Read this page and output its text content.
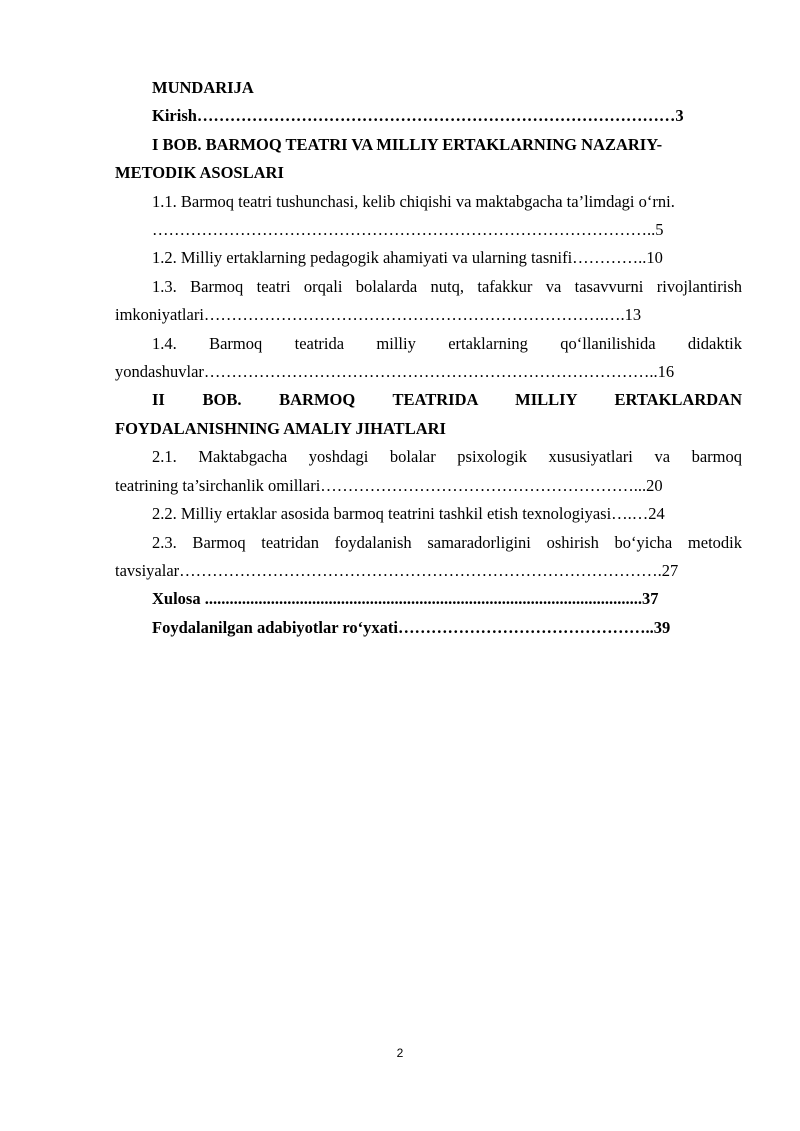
MUNDARIJA
Kirish……………………………………………………………………………3
I BOB. BARMOQ TEATRI VA MILLIY ERTAKLARNING NAZARIY-
METODIK ASOSLARI
1.1. Barmoq teatri tushunchasi, kelib chiqishi va maktabgacha ta’limdagi o‘rni.
………………………………………………………………………………..5
1.2. Milliy ertaklarning pedagogik ahamiyati va ularning tasnifi…………..10
1.3. Barmoq teatri orqali bolalarda nutq, tafakkur va tasavvurni rivojlantirish
imkoniyatlari……………………………………………………………….….13
1.4. Barmoq teatrida milliy ertaklarning qo‘llanilishida didaktik
yondashuvlar………………………………………………………………………..16
II BOB. BARMOQ TEATRIDA MILLIY ERTAKLARDAN
FOYDALANISHNING AMALIY JIHATLARI
2.1. Maktabgacha yoshdagi bolalar psixologik xususiyatlari va barmoq
teatrining ta’sirchanlik omillari…………………………………………………...20
2.2. Milliy ertaklar asosida barmoq teatrini tashkil etish texnologiyasi….…24
2.3. Barmoq teatridan foydalanish samaradorligini oshirish bo‘yicha metodik
tavsiyalar…………………………………………………………………………….27
Xulosa ..........................................................................................................37
Foydalanilgan adabiyotlar ro‘yxati………………………………………..39
2
